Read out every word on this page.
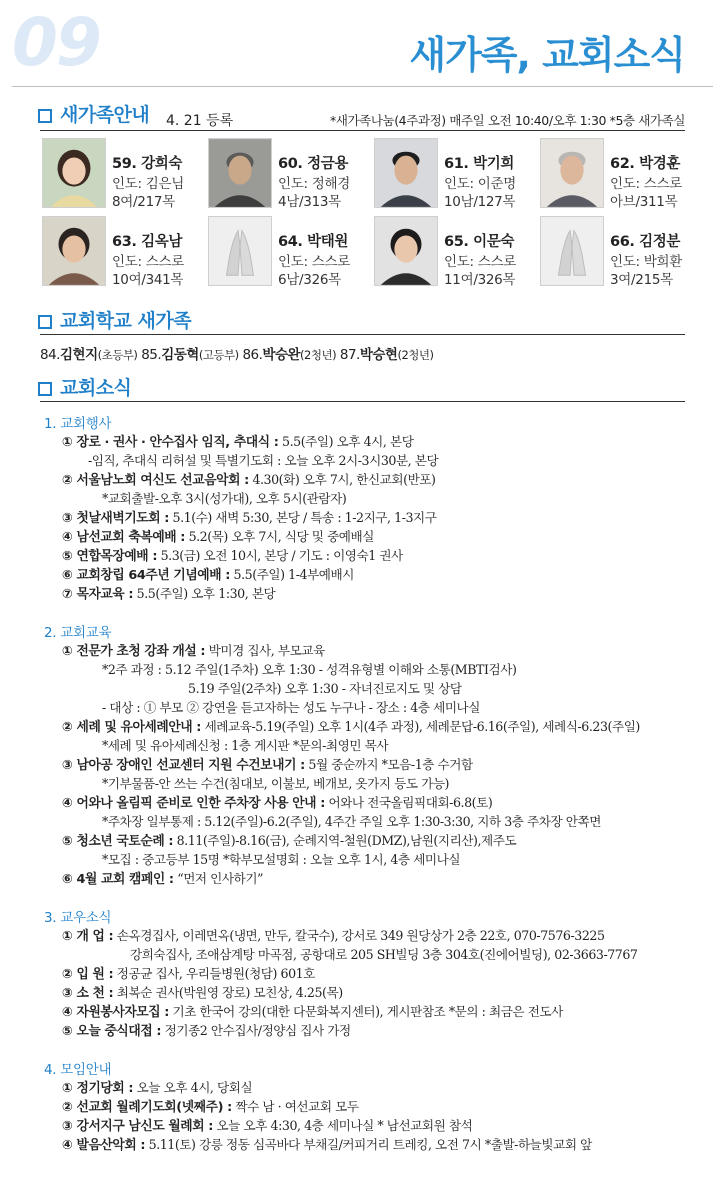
09	새가족, 교회소식
새가족안내 4. 21 등록	*새가족나눔(4주과정) 매주일 오전 10:40/오후 1:30 *5층 새가족실
59. 강희숙
인도: 김은님
8여/217목
60. 정금용
인도: 정해경
4남/313목
61. 박기희
인도: 이준명
10남/127목
62. 박경훈
인도: 스스로
아브/311목
63. 김옥남
인도: 스스로
10여/341목
64. 박태원
인도: 스스로
6남/326목
65. 이문숙
인도: 스스로
11여/326목
66. 김정분
인도: 박희환
3여/215목
교회학교 새가족
84.김현지(초등부) 85.김동혁(고등부) 86.박승완(2청년) 87.박승현(2청년)
교회소식
1. 교회행사
① 장로 · 권사 · 안수집사 임직, 추대식 : 5.5(주일) 오후 4시, 본당
-임직, 추대식 리허설 및 특별기도회 : 오늘 오후 2시-3시30분, 본당
② 서울남노회 여신도 선교음악회 : 4.30(화) 오후 7시, 한신교회(반포)
*교회출발-오후 3시(성가대), 오후 5시(관람자)
③ 첫날새벽기도회 : 5.1(수) 새벽 5:30, 본당 / 특송 : 1-2지구, 1-3지구
④ 남선교회 축복예배 : 5.2(목) 오후 7시, 식당 및 중예배실
⑤ 연합목장예배 : 5.3(금) 오전 10시, 본당 / 기도 : 이영숙1 권사
⑥ 교회창립 64주년 기념예배 : 5.5(주일) 1-4부예배시
⑦ 목자교육 : 5.5(주일) 오후 1:30, 본당
2. 교회교육
① 전문가 초청 강좌 개설 : 박미경 집사, 부모교육
*2주 과정 : 5.12 주일(1주차) 오후 1:30 - 성격유형별 이해와 소통(MBTI검사)
5.19 주일(2주차) 오후 1:30 - 자녀진로지도 및 상담
- 대상 : ① 부모 ② 강연을 듣고자하는 성도 누구나 - 장소 : 4층 세미나실
② 세례 및 유아세례안내 : 세례교육-5.19(주일) 오후 1시(4주 과정), 세례문답-6.16(주일), 세례식-6.23(주일)
*세례 및 유아세례신청 : 1층 게시판 *문의-최영민 목사
③ 남아공 장애인 선교센터 지원 수건보내기 : 5월 중순까지 *모음-1층 수거함
*기부물품-안 쓰는 수건(침대보, 이불보, 베개보, 옷가지 등도 가능)
④ 어와나 올림픽 준비로 인한 주차장 사용 안내 : 어와나 전국올림픽대회-6.8(토)
*주차장 일부통제 : 5.12(주일)-6.2(주일), 4주간 주일 오후 1:30-3:30, 지하 3층 주차장 안쪽면
⑤ 청소년 국토순례 : 8.11(주일)-8.16(금), 순례지역-철원(DMZ),남원(지리산),제주도
*모집 : 중고등부 15명 *학부모설명회 : 오늘 오후 1시, 4층 세미나실
⑥ 4월 교회 캠페인 : “먼저 인사하기”
3. 교우소식
① 개 업 : 손옥경집사, 이레면옥(냉면, 만두, 칼국수), 강서로 349 원당상가 2층 22호, 070-7576-3225
강희숙집사, 조애삼계탕 마곡점, 공항대로 205 SH빌딩 3층 304호(진에어빌딩), 02-3663-7767
② 입 원 : 정공균 집사, 우리들병원(청담) 601호
③ 소 천 : 최복순 권사(박원영 장로) 모친상, 4.25(목)
④ 자원봉사자모집 : 기초 한국어 강의(대한 다문화복지센터), 게시판참조 *문의 : 최금은 전도사
⑤ 오늘 중식대접 : 정기종2 안수집사/정양심 집사 가정
4. 모임안내
① 정기당회 : 오늘 오후 4시, 당회실
② 선교회 월례기도회(넷째주) : 짝수 남 · 여선교회 모두
③ 강서지구 남신도 월례회 : 오늘 오후 4:30, 4층 세미나실 * 남선교회원 참석
④ 발음산악회 : 5.11(토) 강릉 정동 심곡바다 부채길/커피거리 트레킹, 오전 7시 *출발-하늘빛교회 앞
